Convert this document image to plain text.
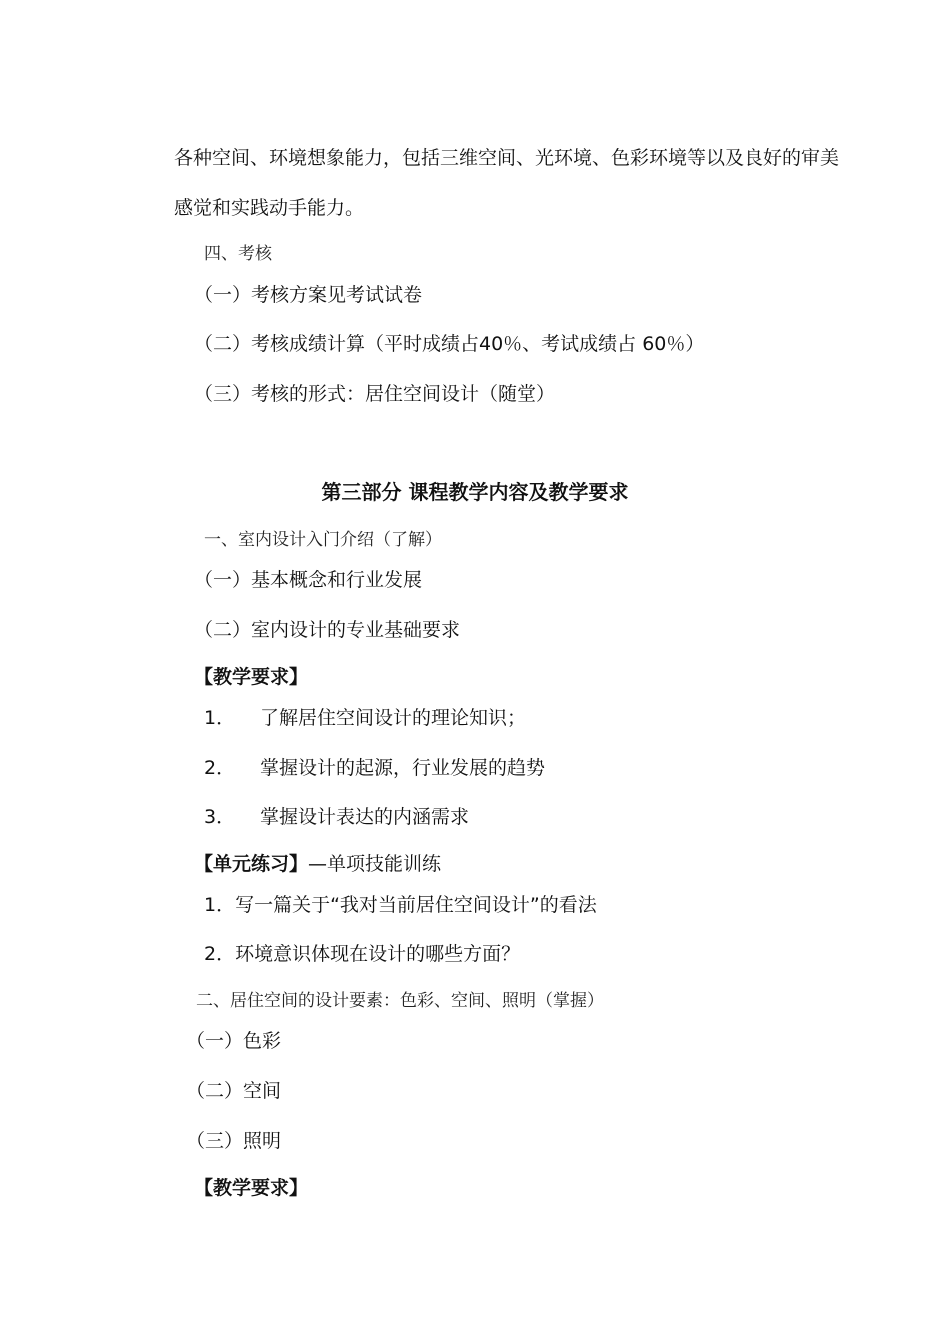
各种空间、环境想象能力，包括三维空间、光环境、色彩环境等以及良好的审美
感觉和实践动手能力。
四、考核
（一）考核方案见考试试卷
（二）考核成绩计算（平时成绩占40％、考试成绩占 60％）
（三）考核的形式：居住空间设计（随堂）
第三部分 课程教学内容及教学要求
一、室内设计入门介绍（了解）
（一）基本概念和行业发展
（二）室内设计的专业基础要求
【教学要求】
1． 了解居住空间设计的理论知识；
2． 掌握设计的起源，行业发展的趋势
3． 掌握设计表达的内涵需求
【单元练习】—单项技能训练
1．写一篇关于“我对当前居住空间设计”的看法
2．环境意识体现在设计的哪些方面？
二、居住空间的设计要素：色彩、空间、照明（掌握）
（一）色彩
（二）空间
（三）照明
【教学要求】
